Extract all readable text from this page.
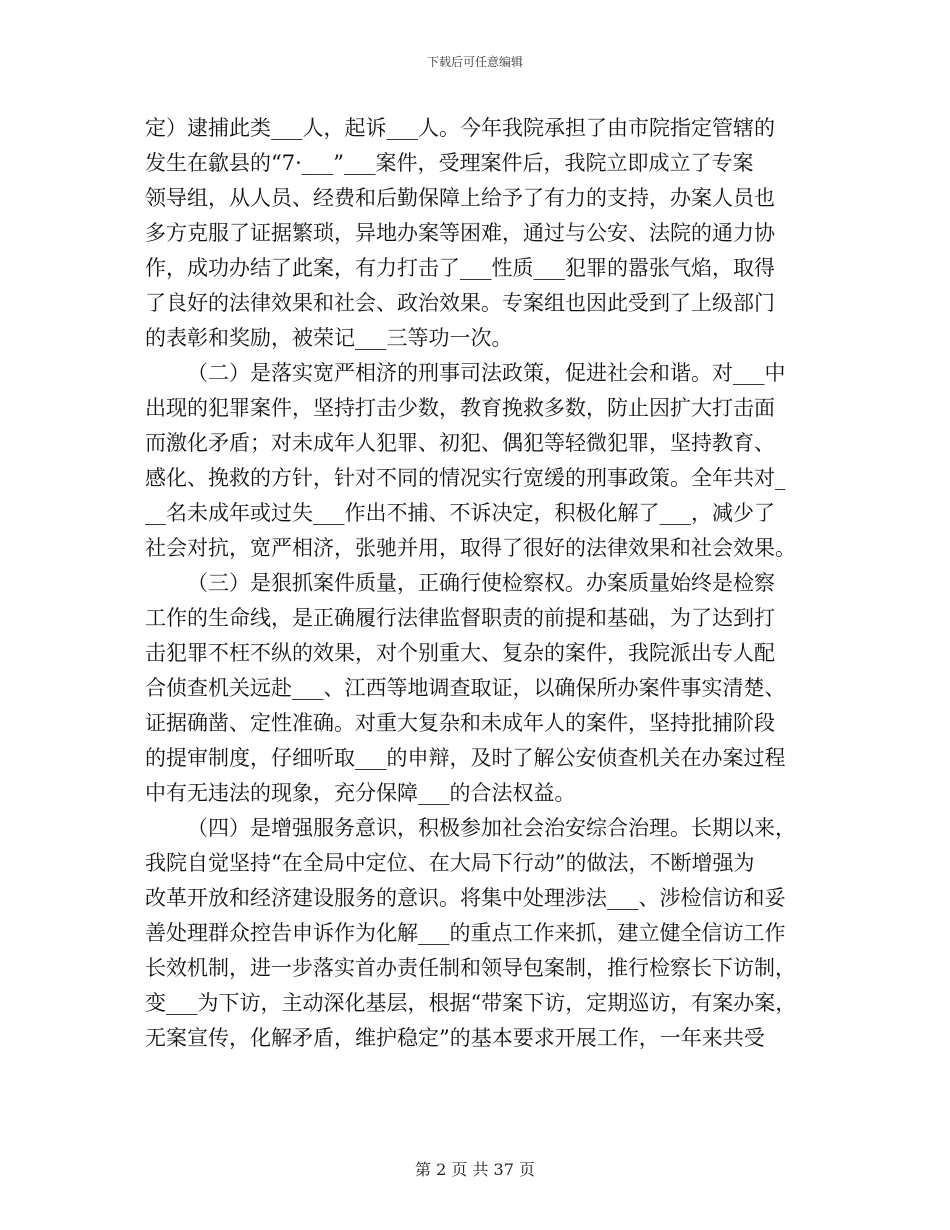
下载后可任意编辑
定）逮捕此类___人，起诉___人。今年我院承担了由市院指定管辖的
发生在歙县的“7·___”___案件，受理案件后，我院立即成立了专案
领导组，从人员、经费和后勤保障上给予了有力的支持，办案人员也
多方克服了证据繁琐，异地办案等困难，通过与公安、法院的通力协
作，成功办结了此案，有力打击了___性质___犯罪的嚣张气焰，取得
了良好的法律效果和社会、政治效果。专案组也因此受到了上级部门
的表彰和奖励，被荣记___三等功一次。
（二）是落实宽严相济的刑事司法政策，促进社会和谐。对___中
出现的犯罪案件，坚持打击少数，教育挽救多数，防止因扩大打击面
而激化矛盾；对未成年人犯罪、初犯、偶犯等轻微犯罪，坚持教育、
感化、挽救的方针，针对不同的情况实行宽缓的刑事政策。全年共对_
__名未成年或过失___作出不捕、不诉决定，积极化解了___，减少了
社会对抗，宽严相济，张驰并用，取得了很好的法律效果和社会效果。
（三）是狠抓案件质量，正确行使检察权。办案质量始终是检察
工作的生命线，是正确履行法律监督职责的前提和基础，为了达到打
击犯罪不枉不纵的效果，对个别重大、复杂的案件，我院派出专人配
合侦查机关远赴___、江西等地调查取证，以确保所办案件事实清楚、
证据确凿、定性准确。对重大复杂和未成年人的案件，坚持批捕阶段
的提审制度，仔细听取___的申辩，及时了解公安侦查机关在办案过程
中有无违法的现象，充分保障___的合法权益。
（四）是增强服务意识，积极参加社会治安综合治理。长期以来，
我院自觉坚持“在全局中定位、在大局下行动”的做法，不断增强为
改革开放和经济建设服务的意识。将集中处理涉法___、涉检信访和妥
善处理群众控告申诉作为化解___的重点工作来抓，建立健全信访工作
长效机制，进一步落实首办责任制和领导包案制，推行检察长下访制，
变___为下访，主动深化基层，根据“带案下访，定期巡访，有案办案，
无案宣传，化解矛盾，维护稳定”的基本要求开展工作，一年来共受
第 2 页 共 37 页
